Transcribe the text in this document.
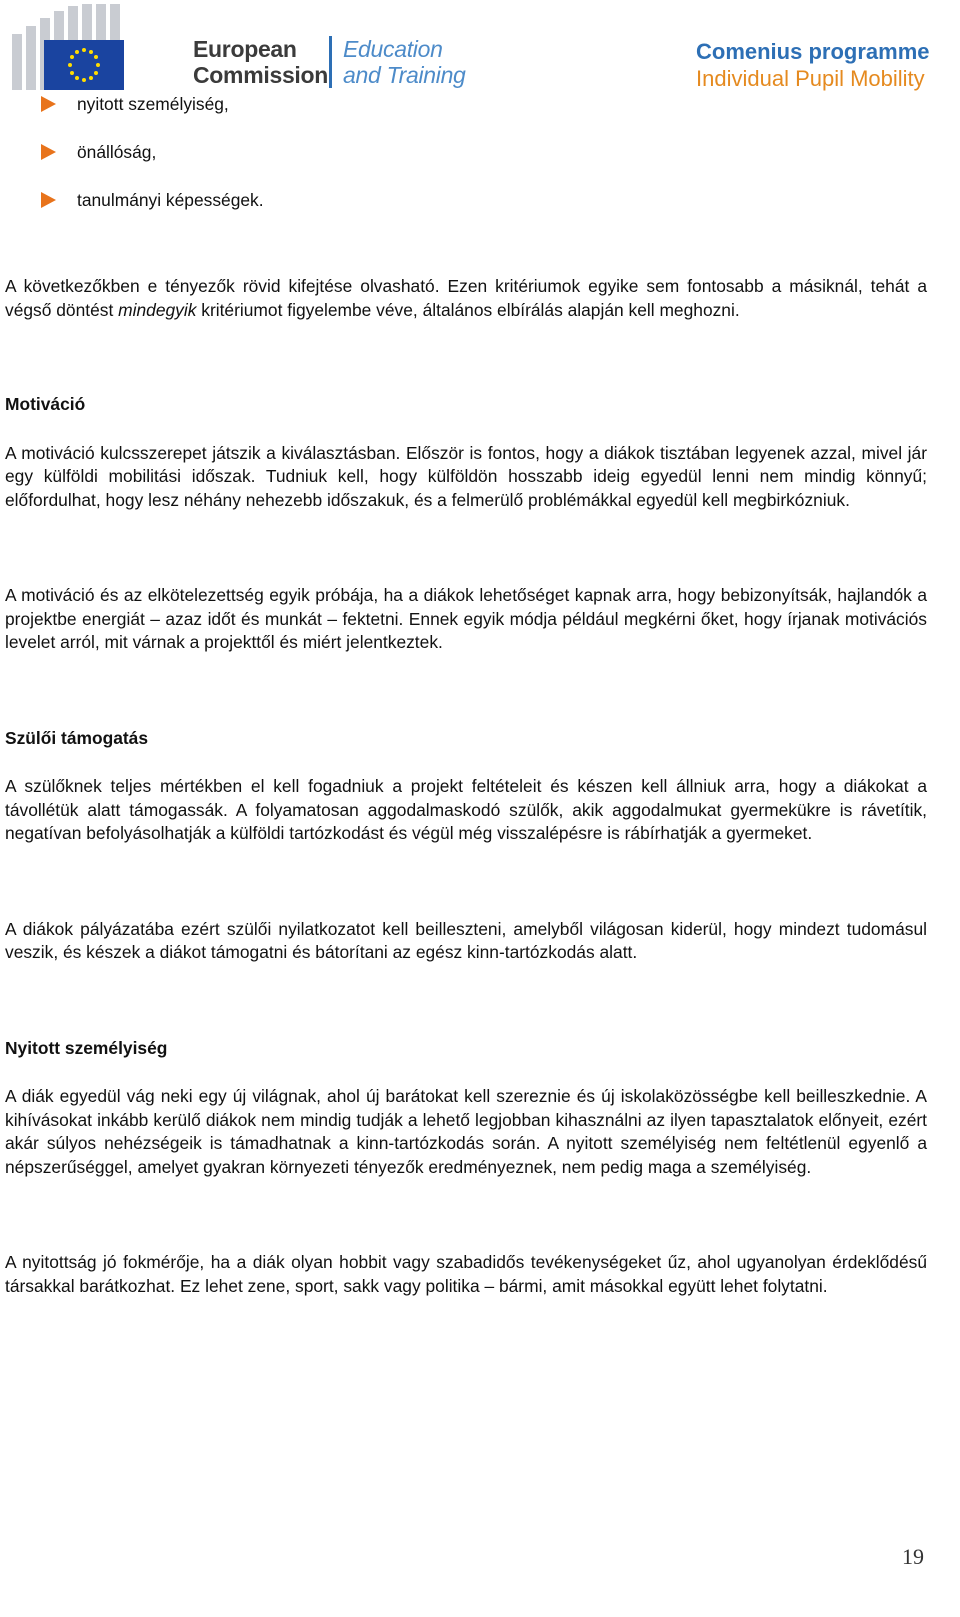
European
Commission
Education
and Training
Comenius programme
Individual Pupil Mobility
nyitott személyiség,
önállóság,
tanulmányi képességek.

A következőkben e tényezők rövid kifejtése olvasható. Ezen kritériumok egyike sem fontosabb a másiknál, tehát a végső döntést mindegyik kritériumot figyelembe véve, általános elbírálás alapján kell meghozni.

Motiváció

A motiváció kulcsszerepet játszik a kiválasztásban. Először is fontos, hogy a diákok tisztában legyenek azzal, mivel jár egy külföldi mobilitási időszak. Tudniuk kell, hogy külföldön hosszabb ideig egyedül lenni nem mindig könnyű; előfordulhat, hogy lesz néhány nehezebb időszakuk, és a felmerülő problémákkal egyedül kell megbirkózniuk.

A motiváció és az elkötelezettség egyik próbája, ha a diákok lehetőséget kapnak arra, hogy bebizonyítsák, hajlandók a projektbe energiát – azaz időt és munkát – fektetni. Ennek egyik módja például megkérni őket, hogy írjanak motivációs levelet arról, mit várnak a projekttől és miért jelentkeztek.

Szülői támogatás

A szülőknek teljes mértékben el kell fogadniuk a projekt feltételeit és készen kell állniuk arra, hogy a diákokat a távollétük alatt támogassák. A folyamatosan aggodalmaskodó szülők, akik aggodalmukat gyermekükre is rávetítik, negatívan befolyásolhatják a külföldi tartózkodást és végül még visszalépésre is rábírhatják a gyermeket.

A diákok pályázatába ezért szülői nyilatkozatot kell beilleszteni, amelyből világosan kiderül, hogy mindezt tudomásul veszik, és készek a diákot támogatni és bátorítani az egész kinn-tartózkodás alatt.

Nyitott személyiség

A diák egyedül vág neki egy új világnak, ahol új barátokat kell szereznie és új iskolaközösségbe kell beilleszkednie. A kihívásokat inkább kerülő diákok nem mindig tudják a lehető legjobban kihasználni az ilyen tapasztalatok előnyeit, ezért akár súlyos nehézségeik is támadhatnak a kinn-tartózkodás során. A nyitott személyiség nem feltétlenül egyenlő a népszerűséggel, amelyet gyakran környezeti tényezők eredményeznek, nem pedig maga a személyiség.

A nyitottság jó fokmérője, ha a diák olyan hobbit vagy szabadidős tevékenységeket űz, ahol ugyanolyan érdeklődésű társakkal barátkozhat. Ez lehet zene, sport, sakk vagy politika – bármi, amit másokkal együtt lehet folytatni.

19
